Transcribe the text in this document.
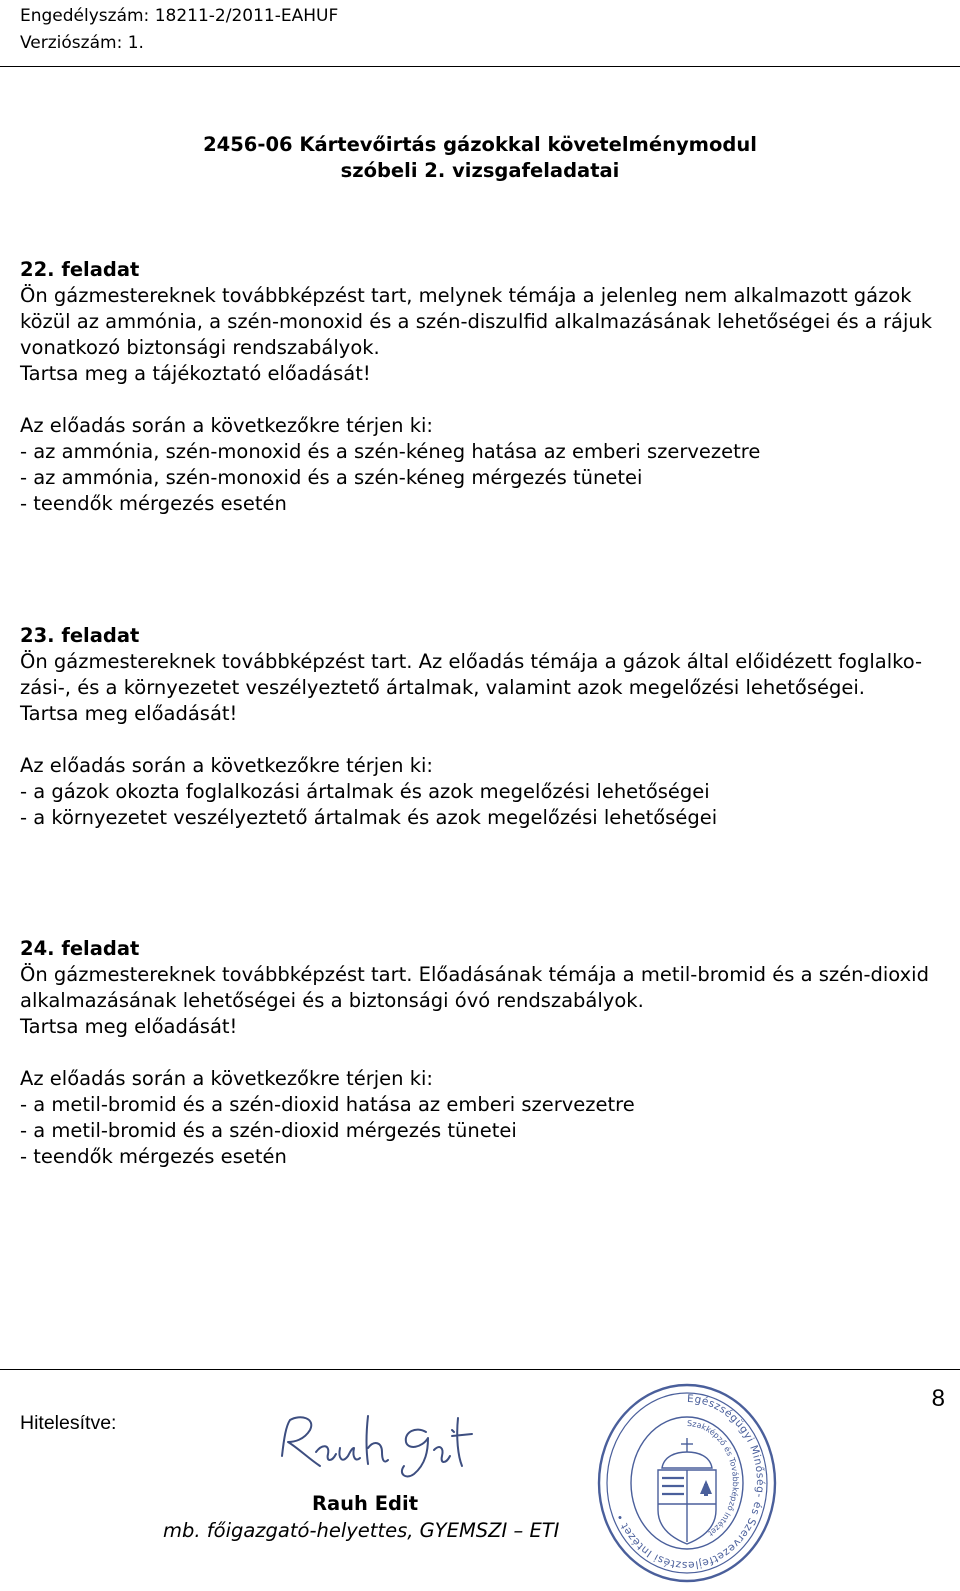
Engedélyszám: 18211-2/2011-EAHUF
Verziószám: 1.
2456-06 Kártevőirtás gázokkal követelménymodul
szóbeli 2. vizsgafeladatai
22. feladat
Ön gázmestereknek továbbképzést tart, melynek témája a jelenleg nem alkalmazott gázok
közül az ammónia, a szén-monoxid és a szén-diszulfid alkalmazásának lehetőségei és a rájuk
vonatkozó biztonsági rendszabályok.
Tartsa meg a tájékoztató előadását!
Az előadás során a következőkre térjen ki:
- az ammónia, szén-monoxid és a szén-kéneg hatása az emberi szervezetre
- az ammónia, szén-monoxid és a szén-kéneg mérgezés tünetei
- teendők mérgezés esetén
23. feladat
Ön gázmestereknek továbbképzést tart. Az előadás témája a gázok által előidézett foglalko-
zási-, és a környezetet veszélyeztető ártalmak, valamint azok megelőzési lehetőségei.
Tartsa meg előadását!
Az előadás során a következőkre térjen ki:
- a gázok okozta foglalkozási ártalmak és azok megelőzési lehetőségei
- a környezetet veszélyeztető ártalmak és azok megelőzési lehetőségei
24. feladat
Ön gázmestereknek továbbképzést tart. Előadásának témája a metil-bromid és a szén-dioxid
alkalmazásának lehetőségei és a biztonsági óvó rendszabályok.
Tartsa meg előadását!
Az előadás során a következőkre térjen ki:
- a metil-bromid és a szén-dioxid hatása az emberi szervezetre
- a metil-bromid és a szén-dioxid mérgezés tünetei
- teendők mérgezés esetén
8
Hitelesítve:
Rauh Edit
mb. főigazgató-helyettes, GYEMSZI – ETI
Egészségügyi Minőség- és Szervezetfejlesztési Intézet •
Szakképző és Továbbképző Intézet
